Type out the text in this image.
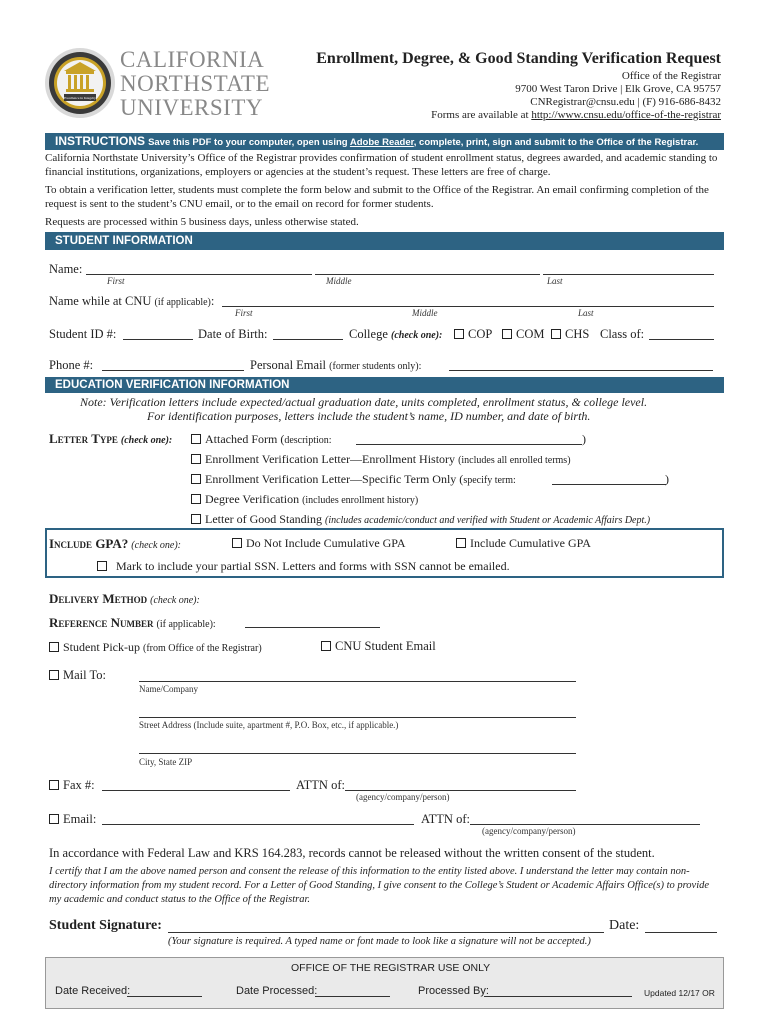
Excellence in Integrity
CALIFORNIA
NORTHSTATE
UNIVERSITY
Enrollment, Degree, & Good Standing Verification Request
Office of the Registrar
9700 West Taron Drive | Elk Grove, CA 95757
CNRegistrar@cnsu.edu | (F) 916-686-8432
Forms are available at http://www.cnsu.edu/office-of-the-registrar
INSTRUCTIONS Save this PDF to your computer, open using Adobe Reader, complete, print, sign and submit to the Office of the Registrar.
California Northstate University’s Office of the Registrar provides confirmation of student enrollment status, degrees awarded, and academic standing to financial institutions, organizations, employers or agencies at the student’s request. These letters are free of charge.
To obtain a verification letter, students must complete the form below and submit to the Office of the Registrar. An email confirming completion of the request is sent to the student’s CNU email, or to the email on record for former students.
Requests are processed within 5 business days, unless otherwise stated.
STUDENT INFORMATION
Name:
First	Middle	Last
Name while at CNU (if applicable):
First	Middle	Last
Student ID #:	Date of Birth:	College (check one):	COP	COM	CHS Class of:
Phone #:	Personal Email (former students only):
EDUCATION VERIFICATION INFORMATION
Note: Verification letters include expected/actual graduation date, units completed, enrollment status, & college level.
For identification purposes, letters include the student’s name, ID number, and date of birth.
Letter Type (check one):	Attached Form (description:	)
Enrollment Verification Letter—Enrollment History (includes all enrolled terms)
Enrollment Verification Letter—Specific Term Only (specify term:	)
Degree Verification (includes enrollment history)
Letter of Good Standing (includes academic/conduct and verified with Student or Academic Affairs Dept.)
Include GPA? (check one):	Do Not Include Cumulative GPA	Include Cumulative GPA
Mark to include your partial SSN. Letters and forms with SSN cannot be emailed.
Delivery Method (check one):
Reference Number (if applicable):
Student Pick-up (from Office of the Registrar)	CNU Student Email
Mail To:
Name/Company
Street Address (Include suite, apartment #, P.O. Box, etc., if applicable.)
City, State ZIP
Fax #:	ATTN of:
(agency/company/person)
Email:	ATTN of:
(agency/company/person)
In accordance with Federal Law and KRS 164.283, records cannot be released without the written consent of the student.
I certify that I am the above named person and consent the release of this information to the entity listed above. I understand the letter may contain non-directory information from my student record. For a Letter of Good Standing, I give consent to the College’s Student or Academic Affairs Office(s) to provide my academic and conduct status to the Office of the Registrar.
Student Signature:	Date:
(Your signature is required. A typed name or font made to look like a signature will not be accepted.)
OFFICE OF THE REGISTRAR USE ONLY
Date Received:	Date Processed:	Processed By:	Updated 12/17 OR
